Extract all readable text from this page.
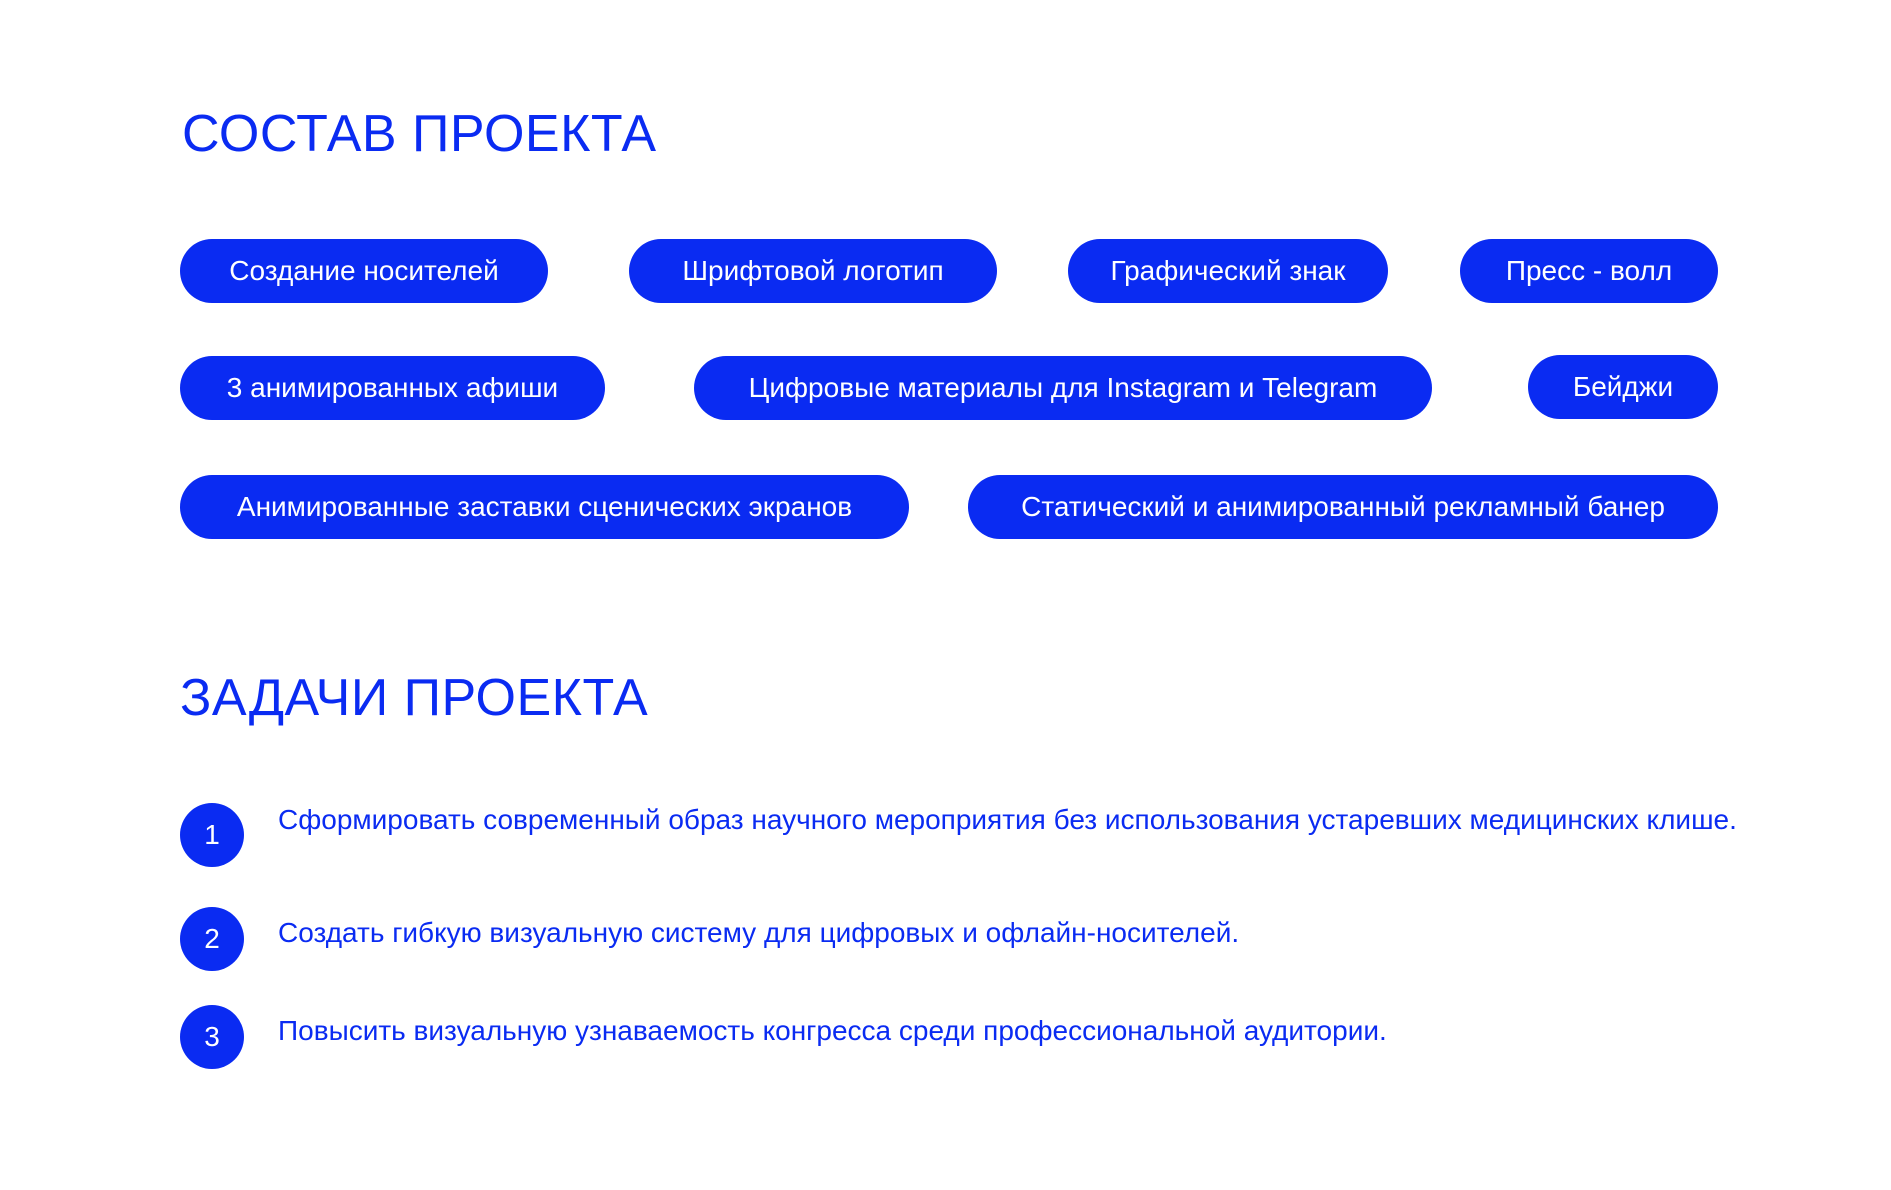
СОСТАВ ПРОЕКТА
Создание носителей	Шрифтовой логотип	Графический знак	Пресс - волл
3 анимированных афиши	Цифровые материалы для Instagram и Telegram	Бейджи
Анимированные заставки сценических экранов	Статический и анимированный рекламный банер
ЗАДАЧИ ПРОЕКТА
1	Сформировать современный образ научного мероприятия без использования устаревших медицинских клише.

2	Создать гибкую визуальную систему для цифровых и офлайн-носителей.

3	Повысить визуальную узнаваемость конгресса среди профессиональной аудитории.
